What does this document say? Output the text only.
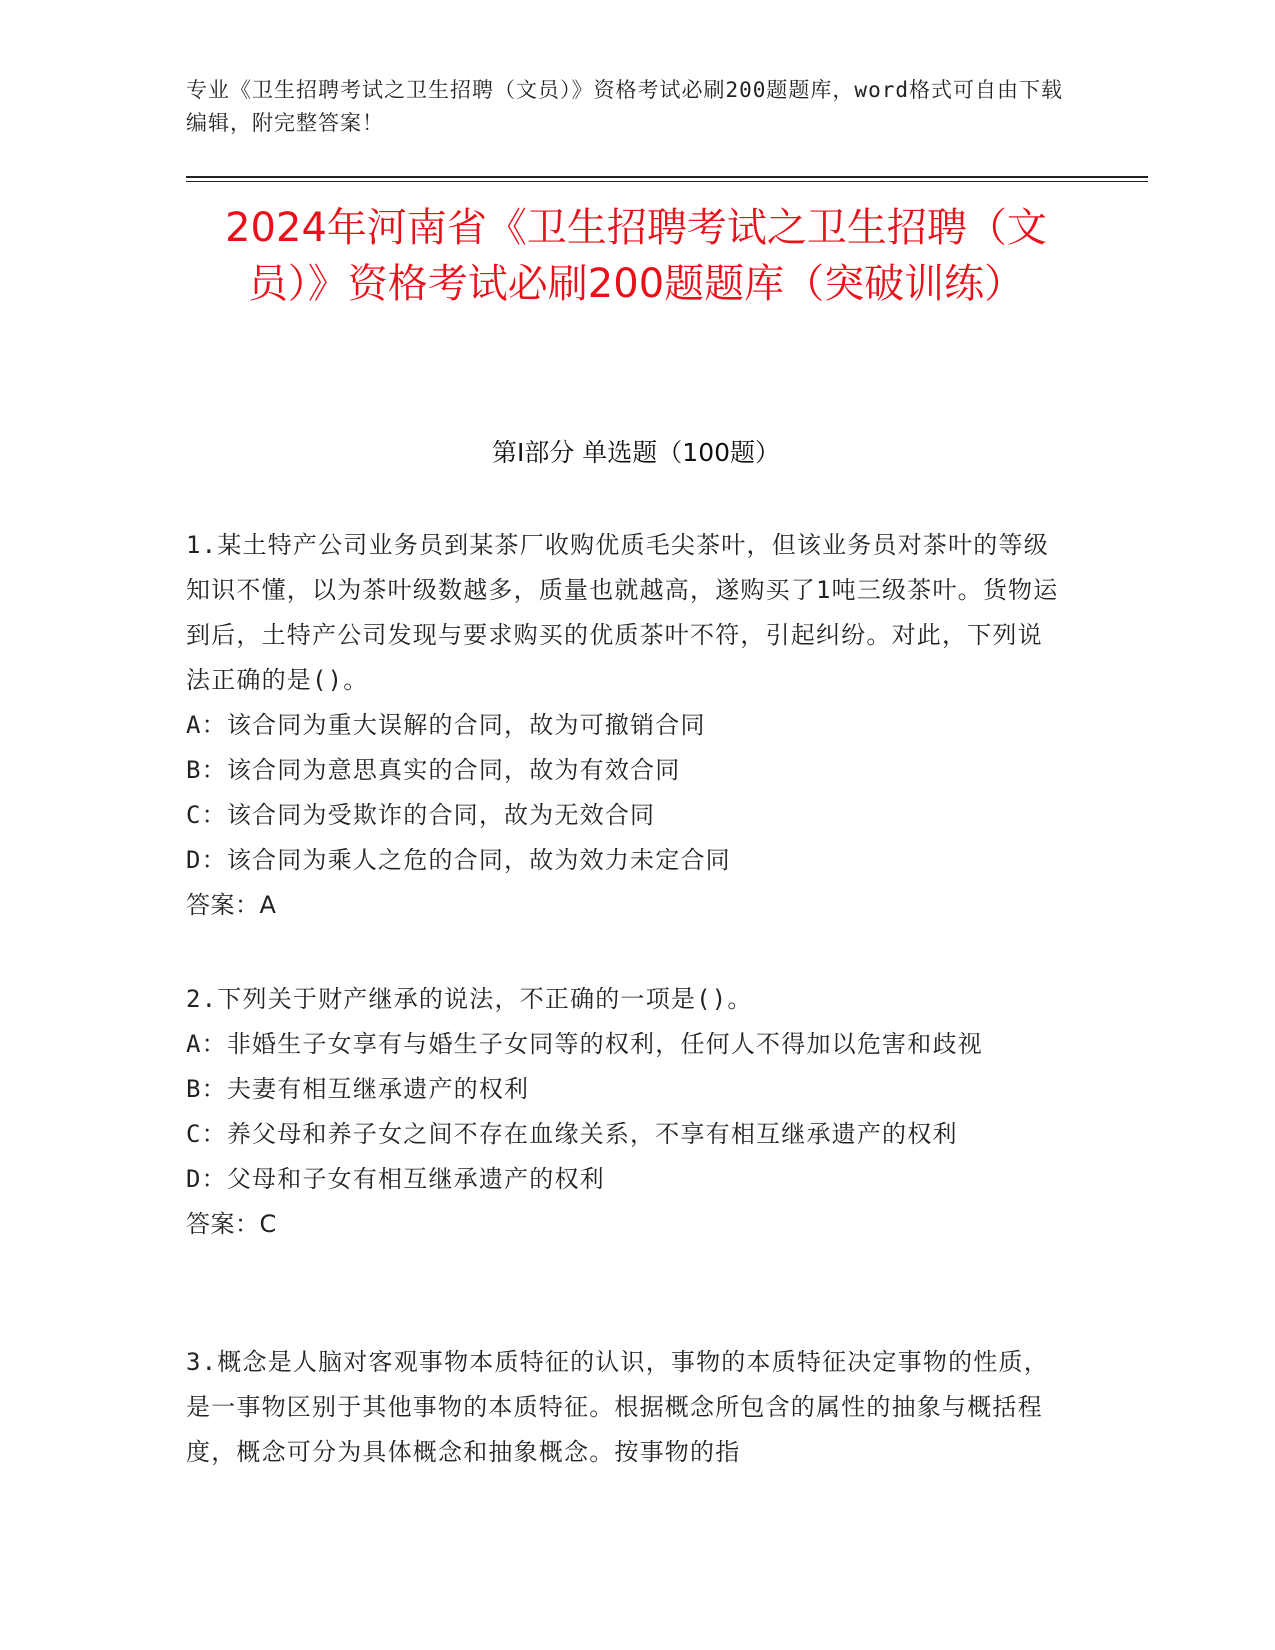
专业《卫生招聘考试之卫生招聘（文员）》资格考试必刷200题题库，word格式可自由下载编辑，附完整答案！
2024年河南省《卫生招聘考试之卫生招聘（文员）》资格考试必刷200题题库（突破训练）
第Ⅰ部分 单选题（100题）

1.某土特产公司业务员到某茶厂收购优质毛尖茶叶，但该业务员对茶叶的等级知识不懂，以为茶叶级数越多，质量也就越高，遂购买了1吨三级茶叶。货物运到后，土特产公司发现与要求购买的优质茶叶不符，引起纠纷。对此，下列说法正确的是()。

A：该合同为重大误解的合同，故为可撤销合同

B：该合同为意思真实的合同，故为有效合同

C：该合同为受欺诈的合同，故为无效合同

D：该合同为乘人之危的合同，故为效力未定合同

答案：A

2.下列关于财产继承的说法，不正确的一项是()。

A：非婚生子女享有与婚生子女同等的权利，任何人不得加以危害和歧视

B：夫妻有相互继承遗产的权利

C：养父母和养子女之间不存在血缘关系，不享有相互继承遗产的权利

D：父母和子女有相互继承遗产的权利

答案：C

3.概念是人脑对客观事物本质特征的认识，事物的本质特征决定事物的性质，是一事物区别于其他事物的本质特征。根据概念所包含的属性的抽象与概括程度，概念可分为具体概念和抽象概念。按事物的指
